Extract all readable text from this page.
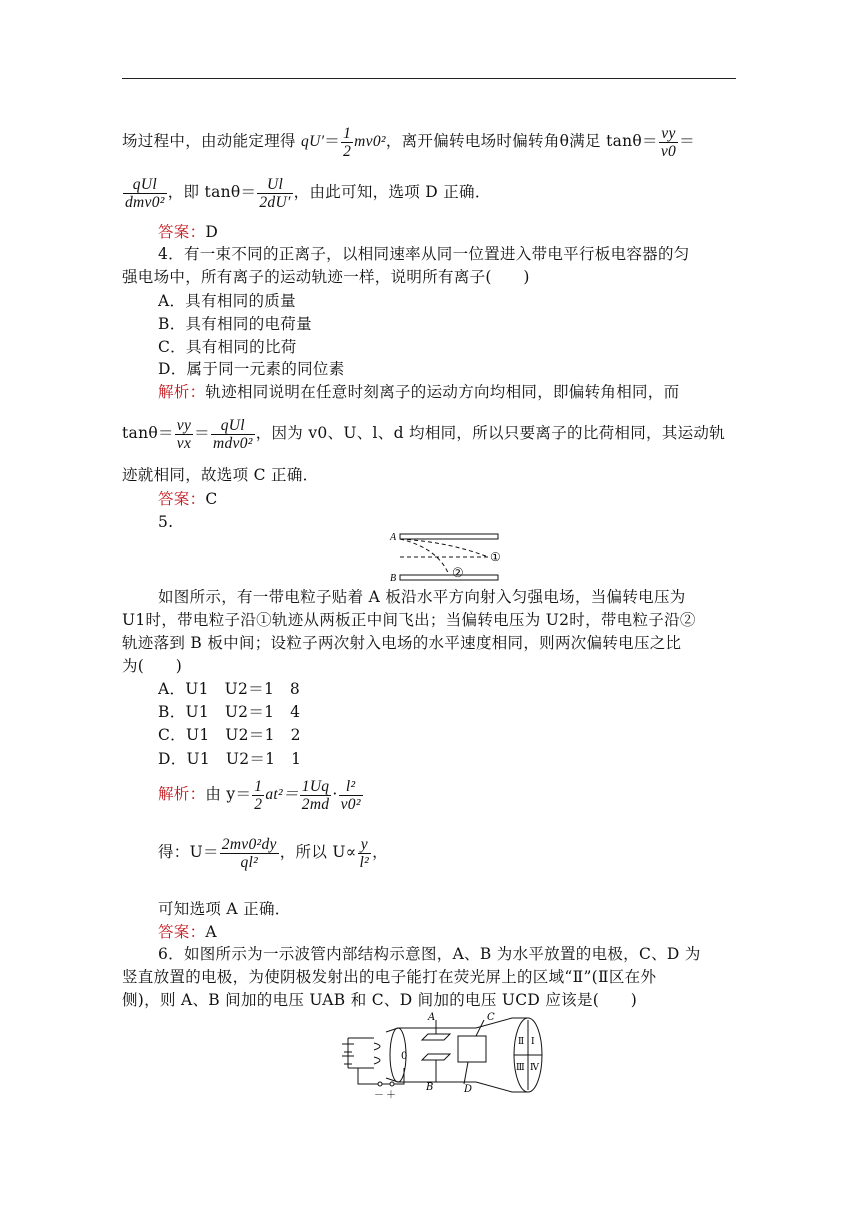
场过程中，由动能定理得 $qU'= \frac{1}{2} mv0^2$，离开偏转电场时偏转角θ满足 $\tan\theta= \frac{vy}{v0}$ ＝
$\frac{\text{qUl}}{\text{dmv0²}}$ ，即 $\tan\theta= \frac{Ul}{2dU'}$ ，由此可知，选项 D 正确．
答案：D
4．有一束不同的正离子，以相同速率从同一位置进入带电平行板电容器的匀
强电场中，所有离子的运动轨迹一样，说明所有离子(　　)
A．具有相同的质量
B．具有相同的电荷量
C．具有相同的比荷
D．属于同一元素的同位素
解析：轨迹相同说明在任意时刻离子的运动方向均相同，即偏转角相同，而
$\tan\theta= \frac{vy}{vx} = \frac{\text{qUl}}{\text{mdv0²}}$ ，因为 v0、U、l、d 均相同，所以只要离子的比荷相同，其运动轨
迹就相同，故选项 C 正确．
答案：C
5.
A
①
B	②
如图所示，有一带电粒子贴着 A 板沿水平方向射入匀强电场，当偏转电压为
U1时，带电粒子沿①轨迹从两板正中间飞出；当偏转电压为 U2时，带电粒子沿②
轨迹落到 B 板中间；设粒子两次射入电场的水平速度相同，则两次偏转电压之比
为(　　)
A．U1　U2＝1　8
B．U1　U2＝1　4
C．U1　U2＝1　2
D．U1　U2＝1　1
解析：由 $y= \frac{1}{2} at^2= \frac{1Uq}{2md} \cdot \frac{\text{l²}}{\text{v0²}}$
得：$U= \frac{\text{2mv0²dy}}{\text{ql²}}$ ，所以 $U\propto \frac{y}{\text{l²}}$ ，
可知选项 A 正确．
答案：A
6．如图所示为一示波管内部结构示意图，A、B 为水平放置的电极，C、D 为
竖直放置的电极，为使阴极发射出的电子能打在荧光屏上的区域“Ⅱ”(Ⅱ区在外
侧)，则 A、B 间加的电压 UAB 和 C、D 间加的电压 UCD 应该是(　　)
－ ＋
0
A
B
C
D
Ⅱ Ⅰ
Ⅲ Ⅳ
